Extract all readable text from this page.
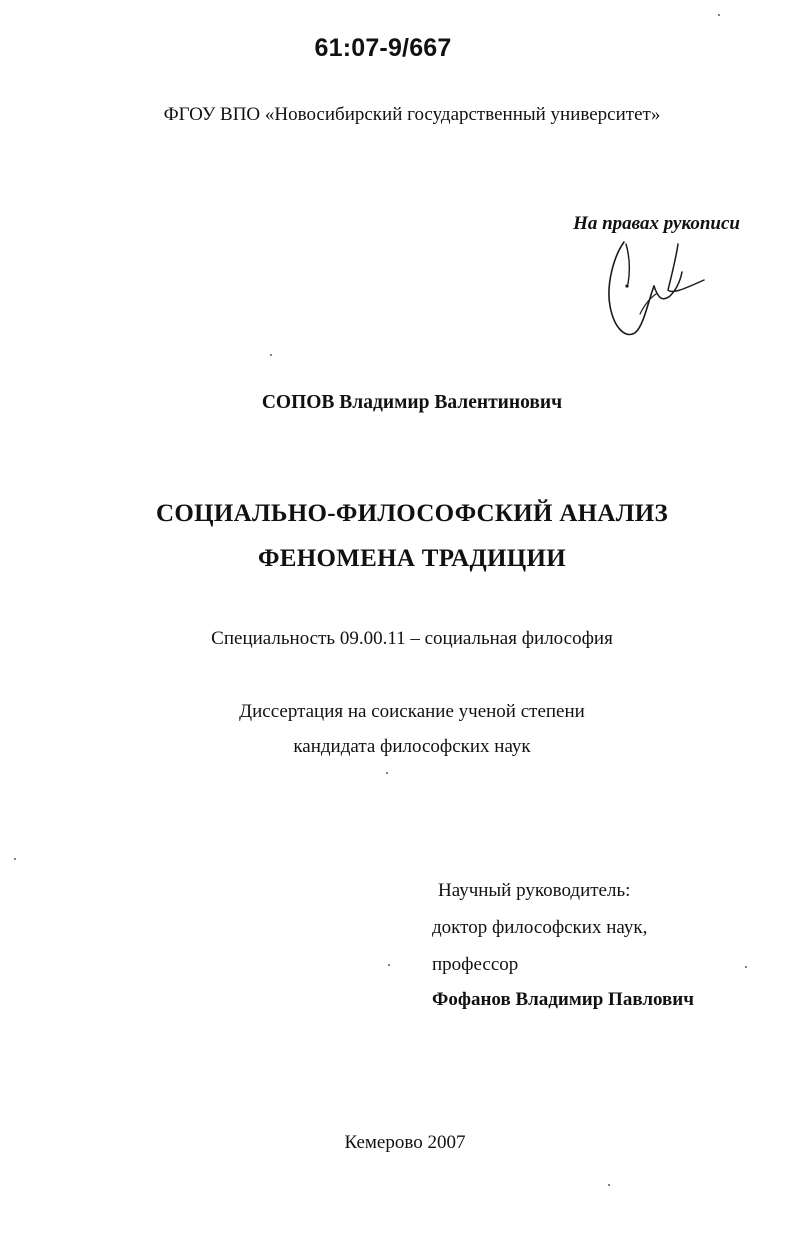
61:07-9/667
ФГОУ ВПО «Новосибирский государственный университет»
На правах рукописи
СОПОВ Владимир Валентинович
СОЦИАЛЬНО-ФИЛОСОФСКИЙ АНАЛИЗ
ФЕНОМЕНА ТРАДИЦИИ
Специальность 09.00.11 – социальная философия
Диссертация на соискание ученой степени
кандидата философских наук
Научный руководитель:
доктор философских наук,
профессор
Фофанов Владимир Павлович
Кемерово 2007
